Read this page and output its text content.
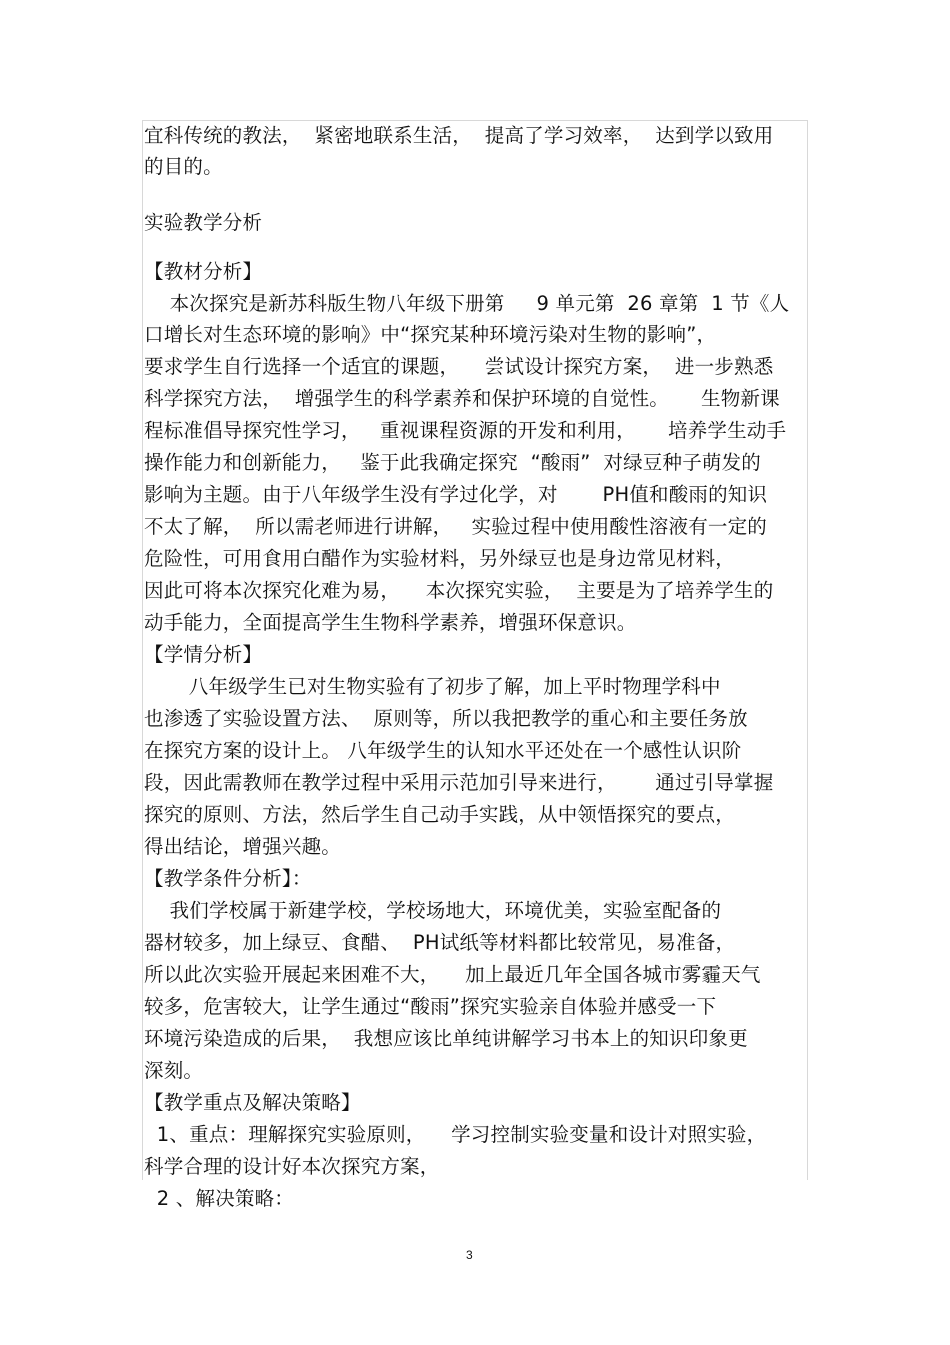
宜科传统的教法，  紧密地联系生活，  提高了学习效率，  达到学以致用
的目的。
实验教学分析
【教材分析】
本次探究是新苏科版生物八年级下册第     9 单元第  26 章第  1 节《人
口增长对生态环境的影响》中“探究某种环境污染对生物的影响”，
要求学生自行选择一个适宜的课题，    尝试设计探究方案，  进一步熟悉
科学探究方法，  增强学生的科学素养和保护环境的自觉性。     生物新课
程标准倡导探究性学习，   重视课程资源的开发和利用，     培养学生动手
操作能力和创新能力，   鉴于此我确定探究  “酸雨”  对绿豆种子萌发的
影响为主题。由于八年级学生没有学过化学，对       PH值和酸雨的知识
不太了解，  所以需老师进行讲解，   实验过程中使用酸性溶液有一定的
危险性，可用食用白醋作为实验材料，另外绿豆也是身边常见材料，
因此可将本次探究化难为易，    本次探究实验，  主要是为了培养学生的
动手能力，全面提高学生生物科学素养，增强环保意识。
【学情分析】
八年级学生已对生物实验有了初步了解，加上平时物理学科中
也渗透了实验设置方法、  原则等，所以我把教学的重心和主要任务放
在探究方案的设计上。 八年级学生的认知水平还处在一个感性认识阶
段，因此需教师在教学过程中采用示范加引导来进行，      通过引导掌握
探究的原则、方法，然后学生自己动手实践，从中领悟探究的要点，
得出结论，增强兴趣。
【教学条件分析】：
我们学校属于新建学校，学校场地大，环境优美，实验室配备的
器材较多，加上绿豆、食醋、  PH试纸等材料都比较常见，易准备，
所以此次实验开展起来困难不大，    加上最近几年全国各城市雾霾天气
较多，危害较大，让学生通过“酸雨”探究实验亲自体验并感受一下
环境污染造成的后果，  我想应该比单纯讲解学习书本上的知识印象更
深刻。
【教学重点及解决策略】
1、重点：理解探究实验原则，    学习控制实验变量和设计对照实验，
科学合理的设计好本次探究方案，
2 、解决策略：
3
